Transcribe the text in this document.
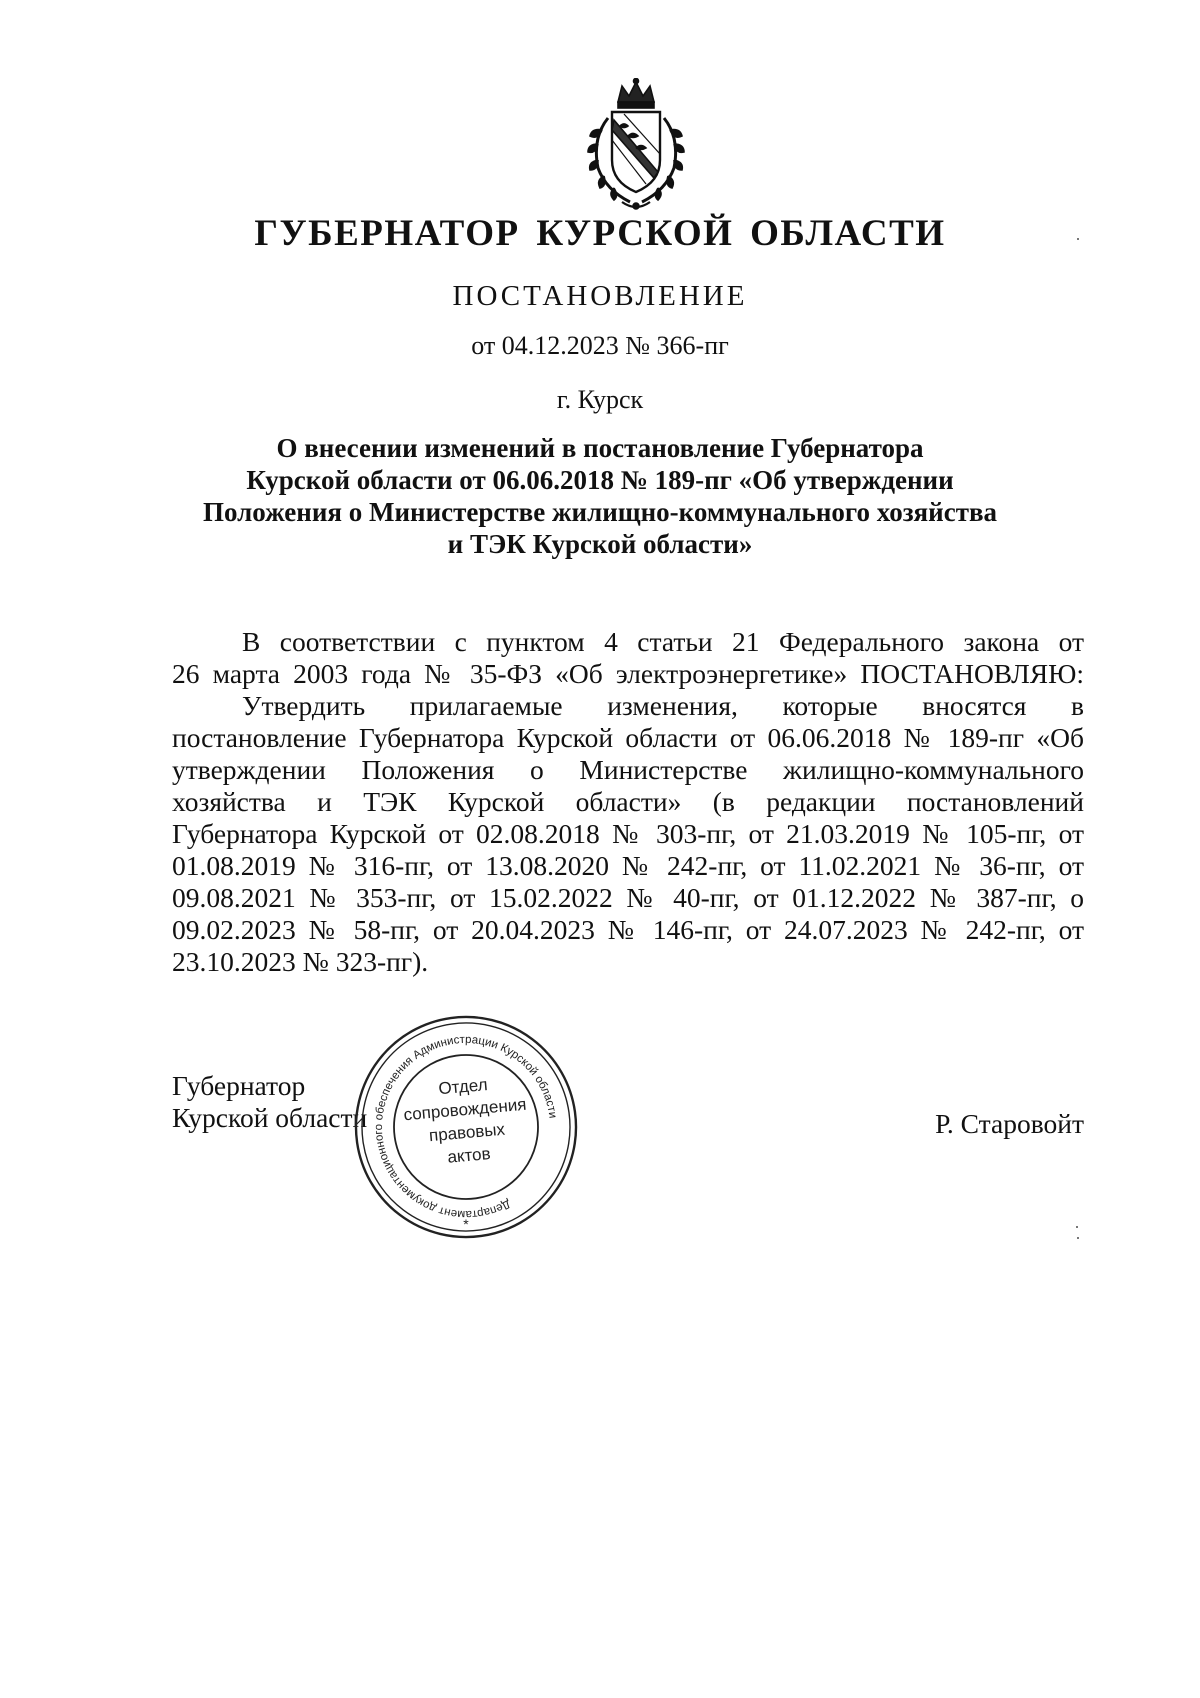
ГУБЕРНАТОР КУРСКОЙ ОБЛАСТИ
ПОСТАНОВЛЕНИЕ
от 04.12.2023 № 366-пг
г. Курск
О внесении изменений в постановление Губернатора
Курской области от 06.06.2018 № 189-пг «Об утверждении
Положения о Министерстве жилищно-коммунального хозяйства
и ТЭК Курской области»
В соответствии с пунктом 4 статьи 21 Федерального закона от
26 марта 2003 года № 35-ФЗ «Об электроэнергетике» ПОСТАНОВЛЯЮ:
Утвердить прилагаемые изменения, которые вносятся в
постановление Губернатора Курской области от 06.06.2018 № 189-пг «Об
утверждении Положения о Министерстве жилищно-коммунального
хозяйства и ТЭК Курской области» (в редакции постановлений
Губернатора Курской от 02.08.2018 № 303-пг, от 21.03.2019 № 105-пг, от
01.08.2019 № 316-пг, от 13.08.2020 № 242-пг, от 11.02.2021 № 36-пг, от
09.08.2021 № 353-пг, от 15.02.2022 № 40-пг, от 01.12.2022 № 387-пг, о
09.02.2023 № 58-пг, от 20.04.2023 № 146-пг, от 24.07.2023 № 242-пг, от
23.10.2023 № 323-пг).
Губернатор
Курской области	Р. Старовойт
Департамент документационного обеспечения Администрации Курской области
*
Отдел
сопровождения
правовых
актов
